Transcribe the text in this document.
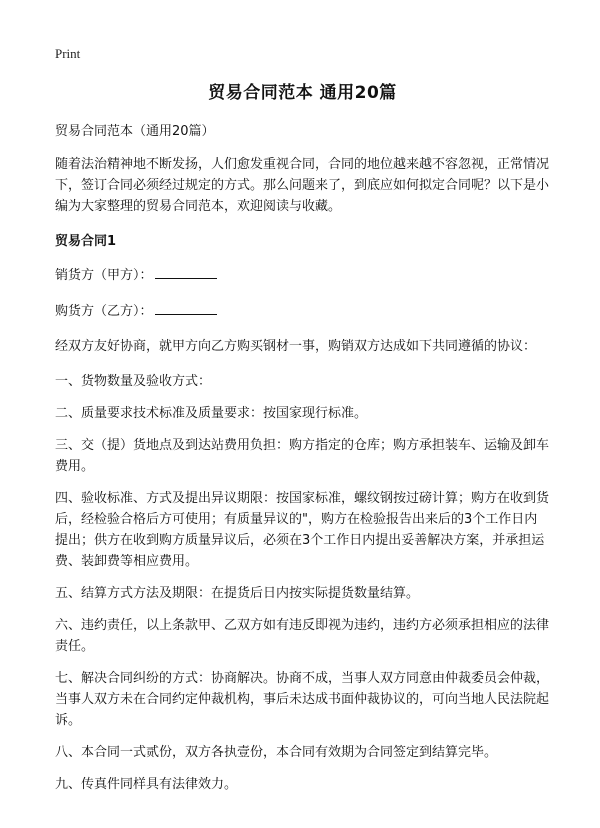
Print
贸易合同范本 通用20篇

贸易合同范本（通用20篇）

随着法治精神地不断发扬，人们愈发重视合同，合同的地位越来越不容忽视，正常情况下，签订合同必须经过规定的方式。那么问题来了，到底应如何拟定合同呢？以下是小编为大家整理的贸易合同范本，欢迎阅读与收藏。

贸易合同1

销货方（甲方）：
购货方（乙方）：

经双方友好协商，就甲方向乙方购买钢材一事，购销双方达成如下共同遵循的协议：

一、货物数量及验收方式：

二、质量要求技术标准及质量要求：按国家现行标准。

三、交（提）货地点及到达站费用负担：购方指定的仓库；购方承担装车、运输及卸车费用。

四、验收标准、方式及提出异议期限：按国家标准，螺纹钢按过磅计算；购方在收到货后，经检验合格后方可使用；有质量异议的"，购方在检验报告出来后的3个工作日内提出；供方在收到购方质量异议后，必须在3个工作日内提出妥善解决方案，并承担运费、装卸费等相应费用。

五、结算方式方法及期限：在提货后日内按实际提货数量结算。

六、违约责任，以上条款甲、乙双方如有违反即视为违约，违约方必须承担相应的法律责任。

七、解决合同纠纷的方式：协商解决。协商不成，当事人双方同意由仲裁委员会仲裁，当事人双方未在合同约定仲裁机构，事后未达成书面仲裁协议的，可向当地人民法院起诉。

八、本合同一式贰份，双方各执壹份，本合同有效期为合同签定到结算完毕。

九、传真件同样具有法律效力。
